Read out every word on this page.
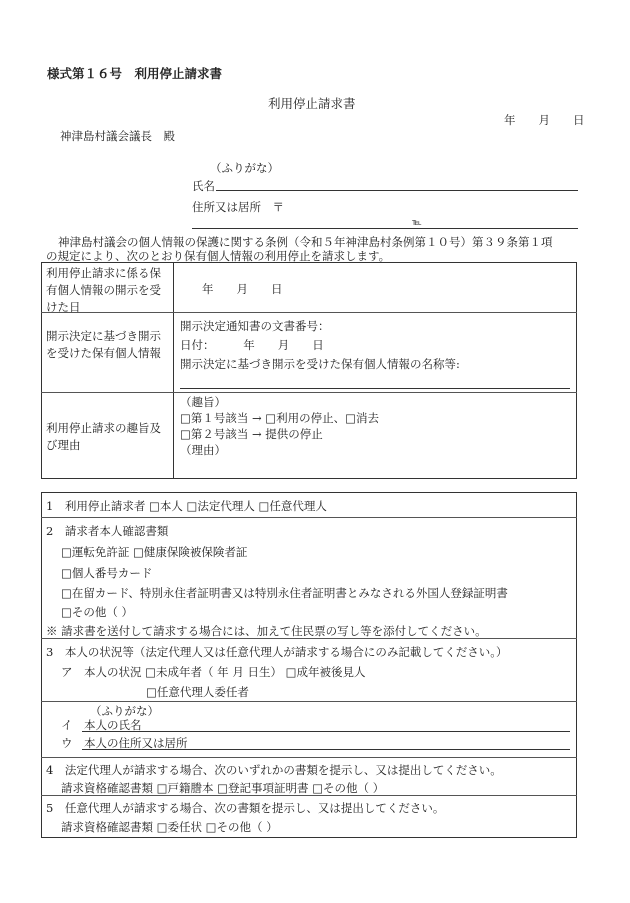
様式第１６号　利用停止請求書
利用停止請求書
年　　月　　日
神津島村議会議長　殿
（ふりがな）
氏名
住所又は居所　〒
℡
神津島村議会の個人情報の保護に関する条例（令和５年神津島村条例第１０号）第３９条第１項
の規定により、次のとおり保有個人情報の利用停止を請求します。
利用停止請求に係る保有個人情報の開示を受けた日
年　　月　　日
開示決定に基づき開示を受けた保有個人情報
開示決定通知書の文書番号：
日付：　　　年　　月　　日
開示決定に基づき開示を受けた保有個人情報の名称等:
利用停止請求の趣旨及び理由
（趣旨）
□第１号該当 → □利用の停止、□消去
□第２号該当 → 提供の停止
（理由）
1　利用停止請求者 □本人 □法定代理人 □任意代理人
2　請求者本人確認書類
□運転免許証 □健康保険被保険者証
□個人番号カード
□在留カード、特別永住者証明書又は特別永住者証明書とみなされる外国人登録証明書
□その他（ ）
※ 請求書を送付して請求する場合には、加えて住民票の写し等を添付してください。
3　本人の状況等（法定代理人又は任意代理人が請求する場合にのみ記載してください。）
ア　本人の状況 □未成年者（ 年 月 日生） □成年被後見人
□任意代理人委任者
（ふりがな）
イ　本人の氏名
ウ　本人の住所又は居所
4　法定代理人が請求する場合、次のいずれかの書類を提示し、又は提出してください。
請求資格確認書類 □戸籍謄本 □登記事項証明書 □その他（ ）
5　任意代理人が請求する場合、次の書類を提示し、又は提出してください。
請求資格確認書類 □委任状 □その他（ ）
